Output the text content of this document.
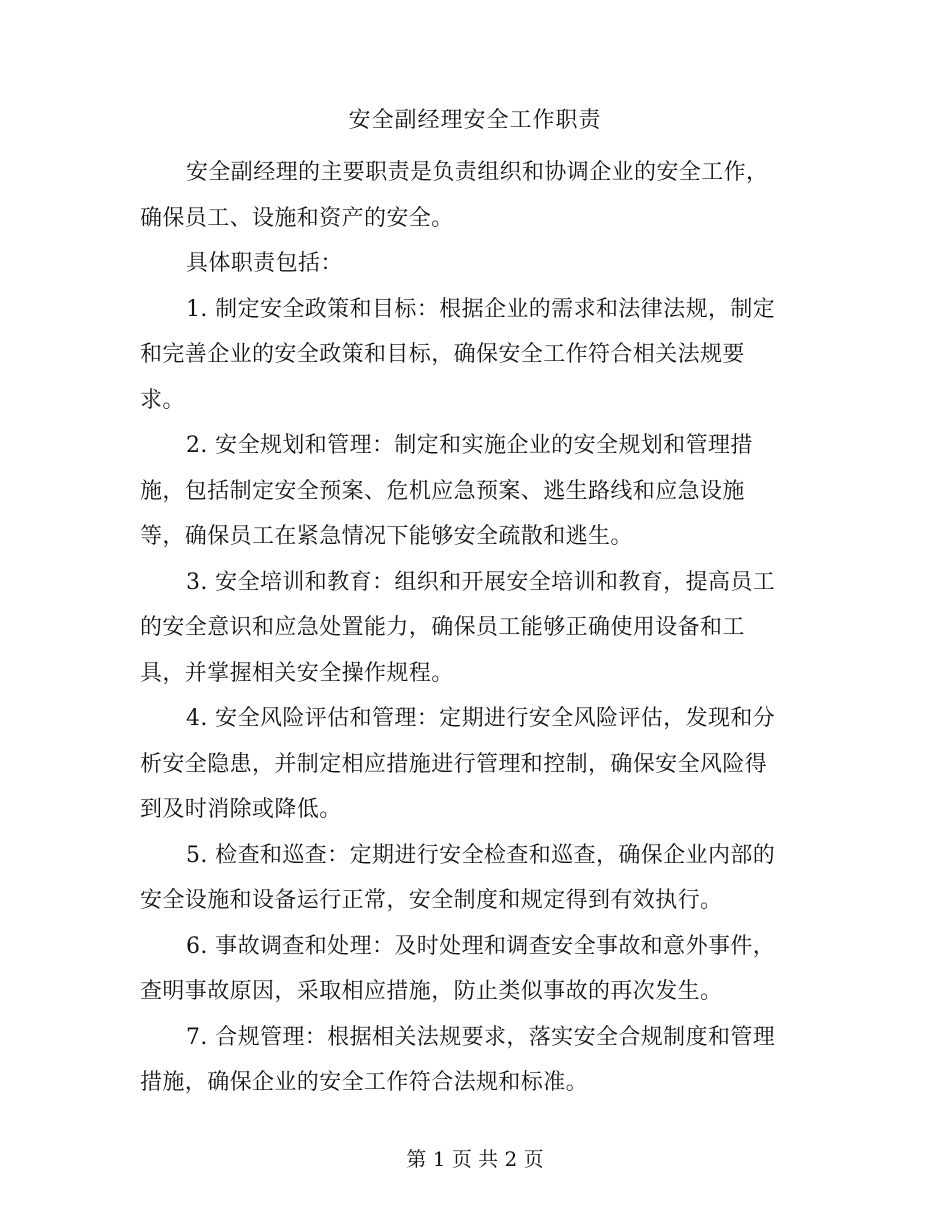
安全副经理安全工作职责

安全副经理的主要职责是负责组织和协调企业的安全工作，
确保员工、设施和资产的安全。

具体职责包括：

1. 制定安全政策和目标：根据企业的需求和法律法规，制定
和完善企业的安全政策和目标，确保安全工作符合相关法规要
求。

2. 安全规划和管理：制定和实施企业的安全规划和管理措
施，包括制定安全预案、危机应急预案、逃生路线和应急设施
等，确保员工在紧急情况下能够安全疏散和逃生。

3. 安全培训和教育：组织和开展安全培训和教育，提高员工
的安全意识和应急处置能力，确保员工能够正确使用设备和工
具，并掌握相关安全操作规程。

4. 安全风险评估和管理：定期进行安全风险评估，发现和分
析安全隐患，并制定相应措施进行管理和控制，确保安全风险得
到及时消除或降低。

5. 检查和巡查：定期进行安全检查和巡查，确保企业内部的
安全设施和设备运行正常，安全制度和规定得到有效执行。

6. 事故调查和处理：及时处理和调查安全事故和意外事件，
查明事故原因，采取相应措施，防止类似事故的再次发生。

7. 合规管理：根据相关法规要求，落实安全合规制度和管理
措施，确保企业的安全工作符合法规和标准。

第 1 页 共 2 页
